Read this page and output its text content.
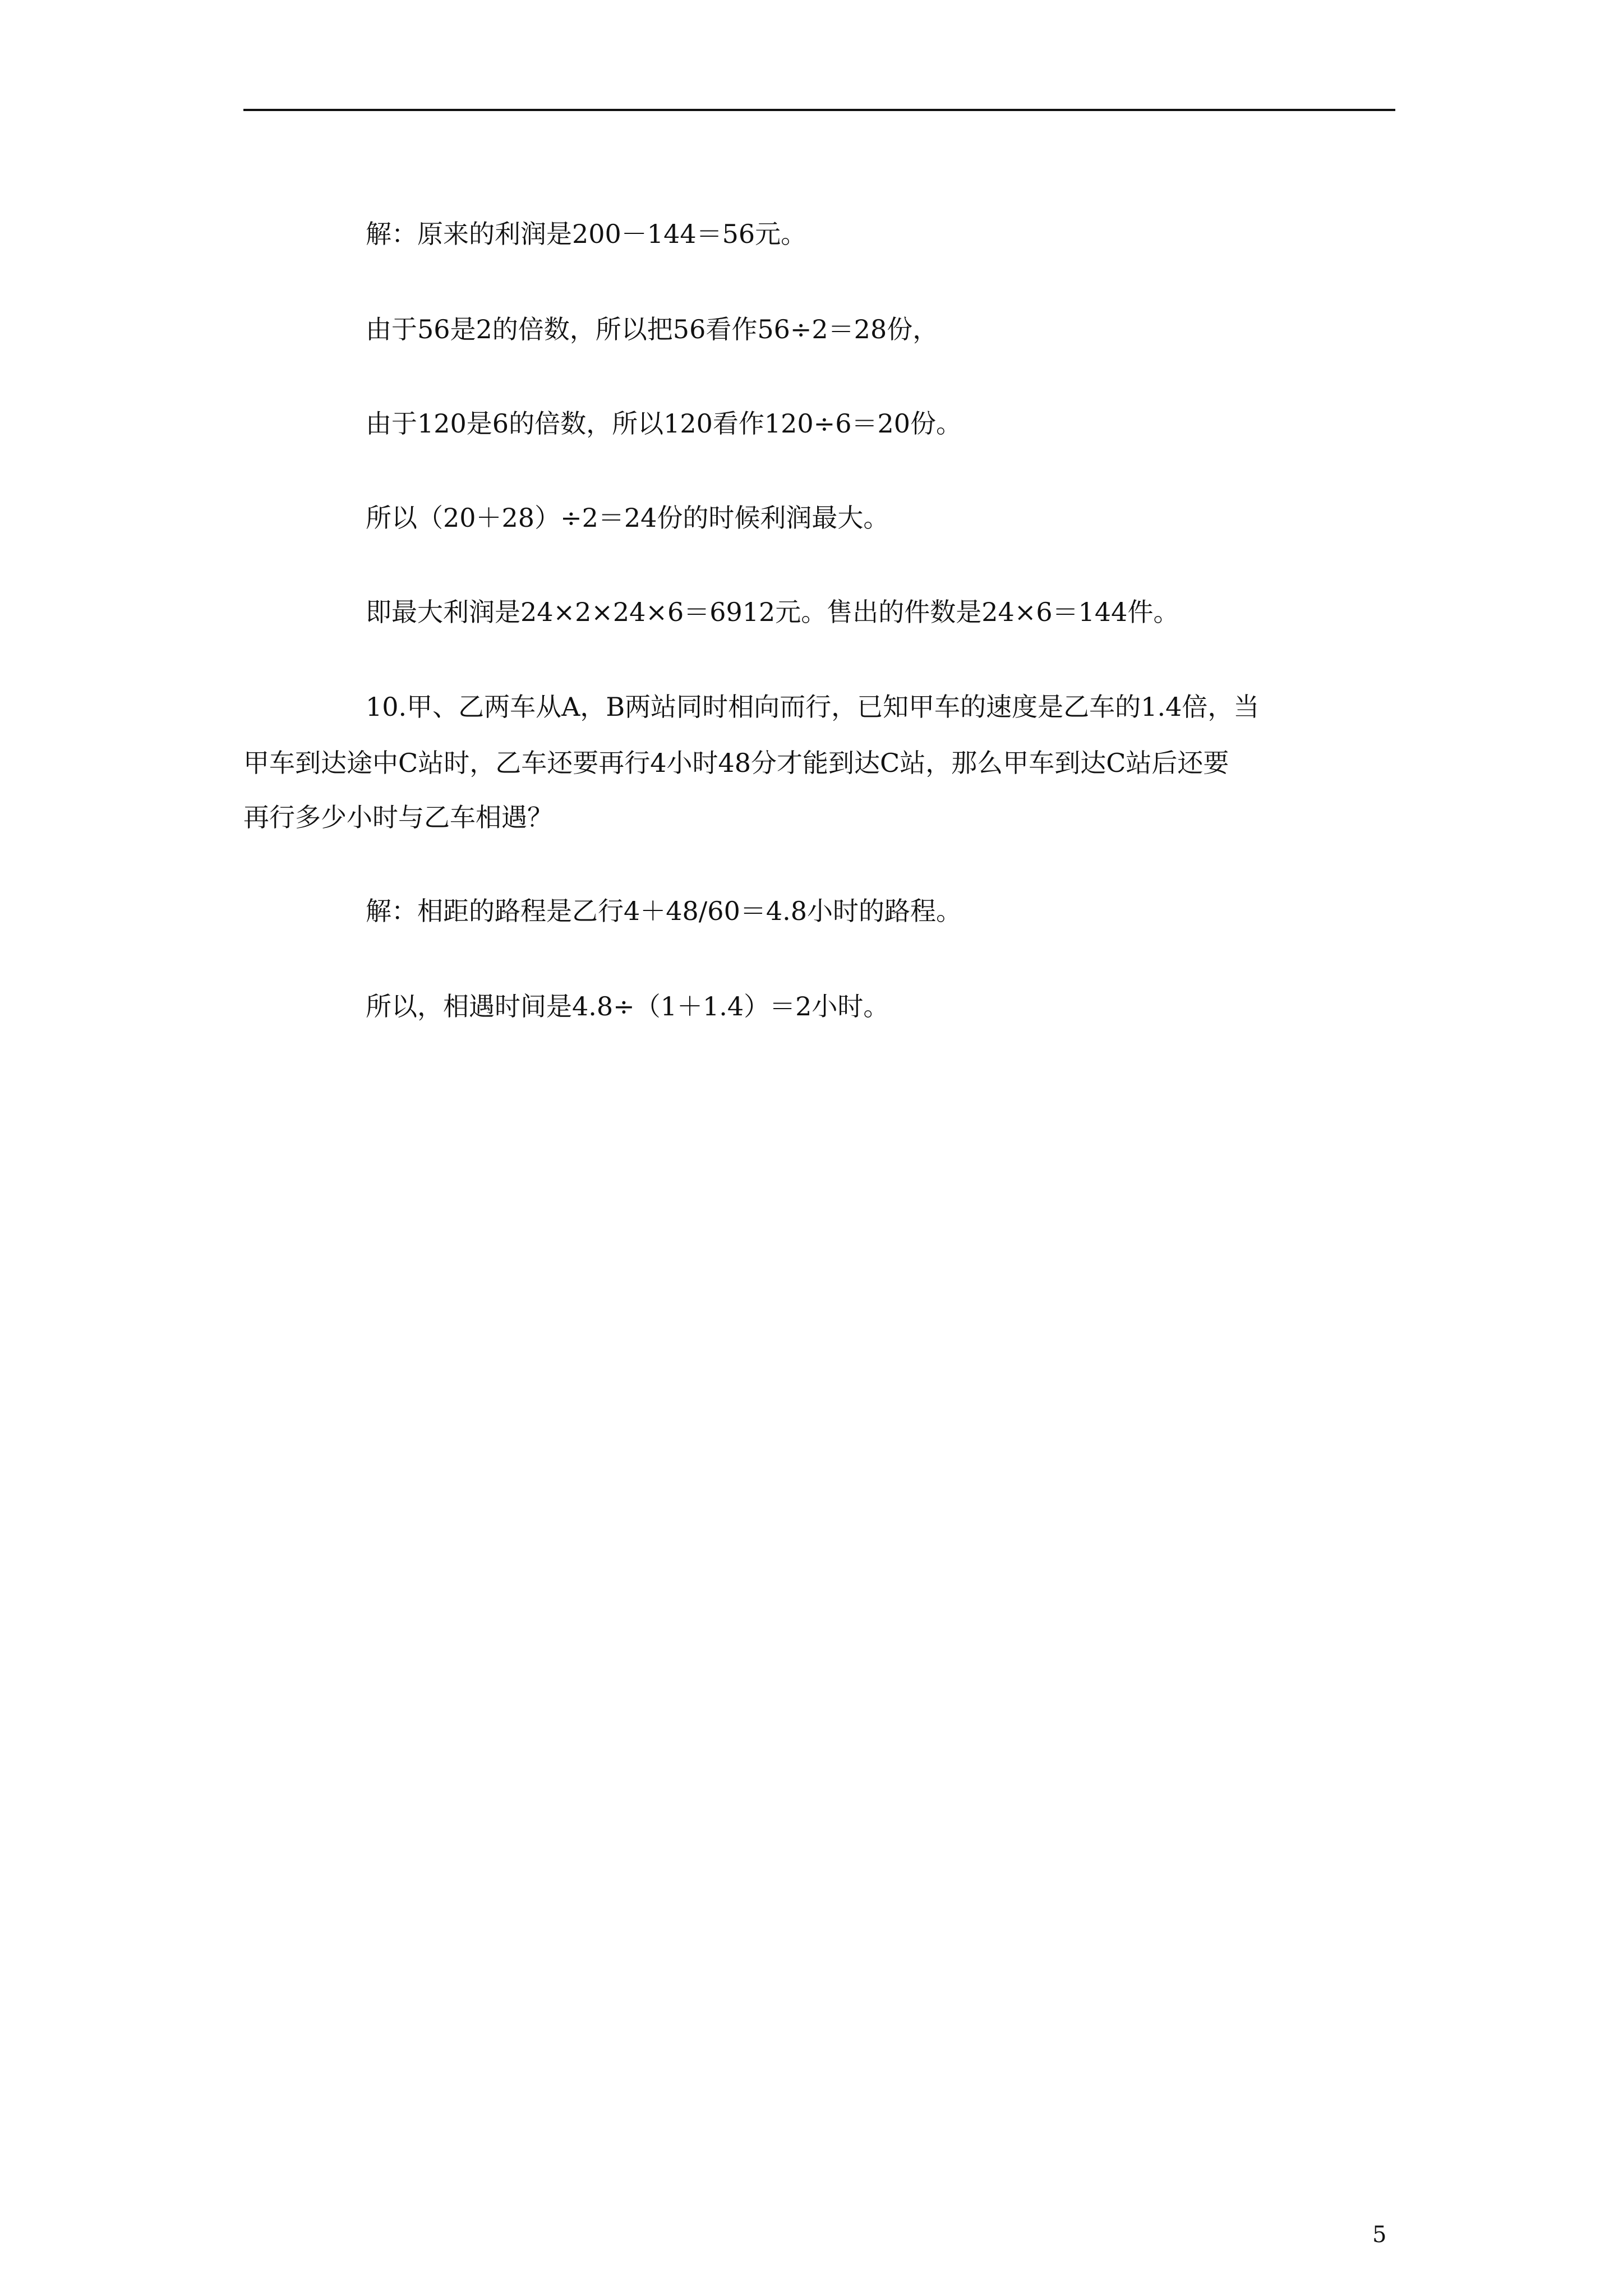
解：原来的利润是200－144＝56元。

由于56是2的倍数，所以把56看作56÷2＝28份，

由于120是6的倍数，所以120看作120÷6＝20份。

所以（20＋28）÷2＝24份的时候利润最大。

即最大利润是24×2×24×6＝6912元。售出的件数是24×6＝144件。

10.甲、乙两车从A，B两站同时相向而行，已知甲车的速度是乙车的1.4倍，当

甲车到达途中C站时，乙车还要再行4小时48分才能到达C站，那么甲车到达C站后还要

再行多少小时与乙车相遇？

解：相距的路程是乙行4＋48/60＝4.8小时的路程。

所以，相遇时间是4.8÷（1＋1.4）＝2小时。

5
